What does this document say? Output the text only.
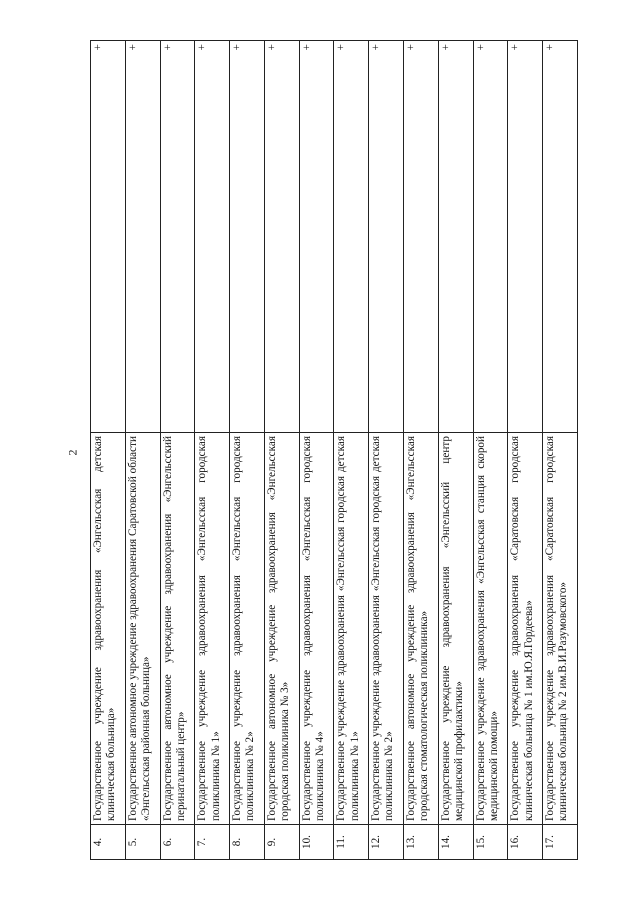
2
4.	Государственное учреждение здравоохранения «Энгельсская детская клиническая больница»	+
5.	Государственное автономное учреждение здравоохранения Саратовской области «Энгельсская районная больница»	+
6.	Государственное автономное учреждение здравоохранения «Энгельсский перинатальный центр»	+
7.	Государственное учреждение здравоохранения «Энгельсская городская поликлиника № 1»	+
8.	Государственное учреждение здравоохранения «Энгельсская городская поликлиника № 2»	+
9.	Государственное автономное учреждение здравоохранения «Энгельсская городская поликлиника № 3»	+
10.	Государственное учреждение здравоохранения «Энгельсская городская поликлиника № 4»	+
11.	Государственное учреждение здравоохранения «Энгельсская городская детская поликлиника № 1»	+
12.	Государственное учреждение здравоохранения «Энгельсская городская детская поликлиника № 2»	+
13.	Государственное автономное учреждение здравоохранения «Энгельсская городская стоматологическая поликлиника»	+
14.	Государственное учреждение здравоохранения «Энгельсский центр медицинской профилактики»	+
15.	Государственное учреждение здравоохранения «Энгельсская станция скорой медицинской помощи»	+
16.	Государственное учреждение здравоохранения «Саратовская городская клиническая больница № 1 им.Ю.Я.Гордеева»	+
17.	Государственное учреждение здравоохранения «Саратовская городская клиническая больница № 2 им.В.И.Разумовского»	+
